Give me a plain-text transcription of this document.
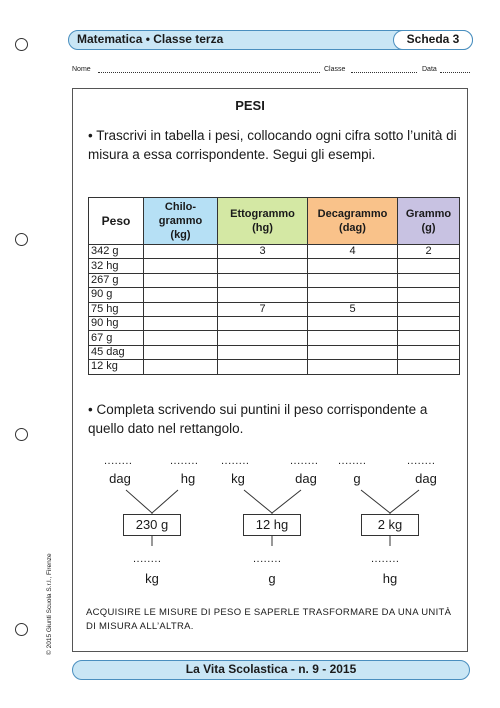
Matematica • Classe terza	Scheda 3
Nome	Classe	Data
PESI
• Trascrivi in tabella i pesi, collocando ogni cifra sotto l’unità di misura a essa corrispondente. Segui gli esempi.
Peso	Chilo-
grammo
(kg)	Ettogrammo
(hg)	Decagrammo
(dag)	Grammo
(g)
342 g		3	4	2
32 hg				
267 g				
90 g				
75 hg		7	5	
90 hg				
67 g				
45 dag				
12 kg				
• Completa scrivendo sui puntini il peso corrispondente a quello dato nel rettangolo.
........	........
dag	hg
230 g
........
kg
........	........
kg	dag
12 hg
........
g
........	........
g	dag
2 kg
........
hg
ACQUISIRE LE MISURE DI PESO E SAPERLE TRASFORMARE DA UNA UNITÀ DI MISURA ALL’ALTRA.
La Vita Scolastica - n. 9 - 2015
© 2015 Giunti Scuola S.r.l., Firenze
